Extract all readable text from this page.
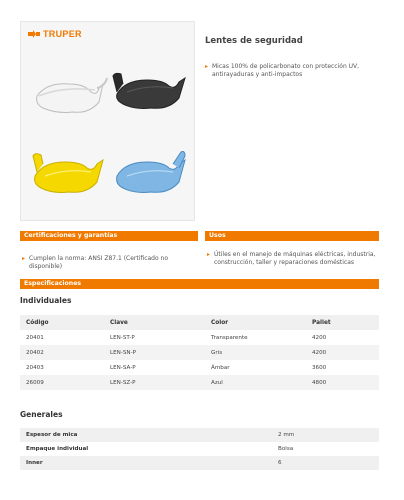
TRUPER
Lentes de seguridad
▸ Micas 100% de policarbonato con protección UV, antirayaduras y anti-impactos
Certificaciones y garantías	Usos
▸ Cumplen la norma: ANSI Z87.1 (Certificado no disponible)
▸ Útiles en el manejo de máquinas eléctricas, industria, construcción, taller y reparaciones domésticas
Especificaciones
Individuales
Código	Clave	Color	Pallet
20401	LEN-ST-P	Transparente	4200
20402	LEN-SN-P	Gris	4200
20403	LEN-SA-P	Ámbar	3600
26009	LEN-SZ-P	Azul	4800
Generales
Espesor de mica	2 mm
Empaque individual	Bolsa
Inner	6
